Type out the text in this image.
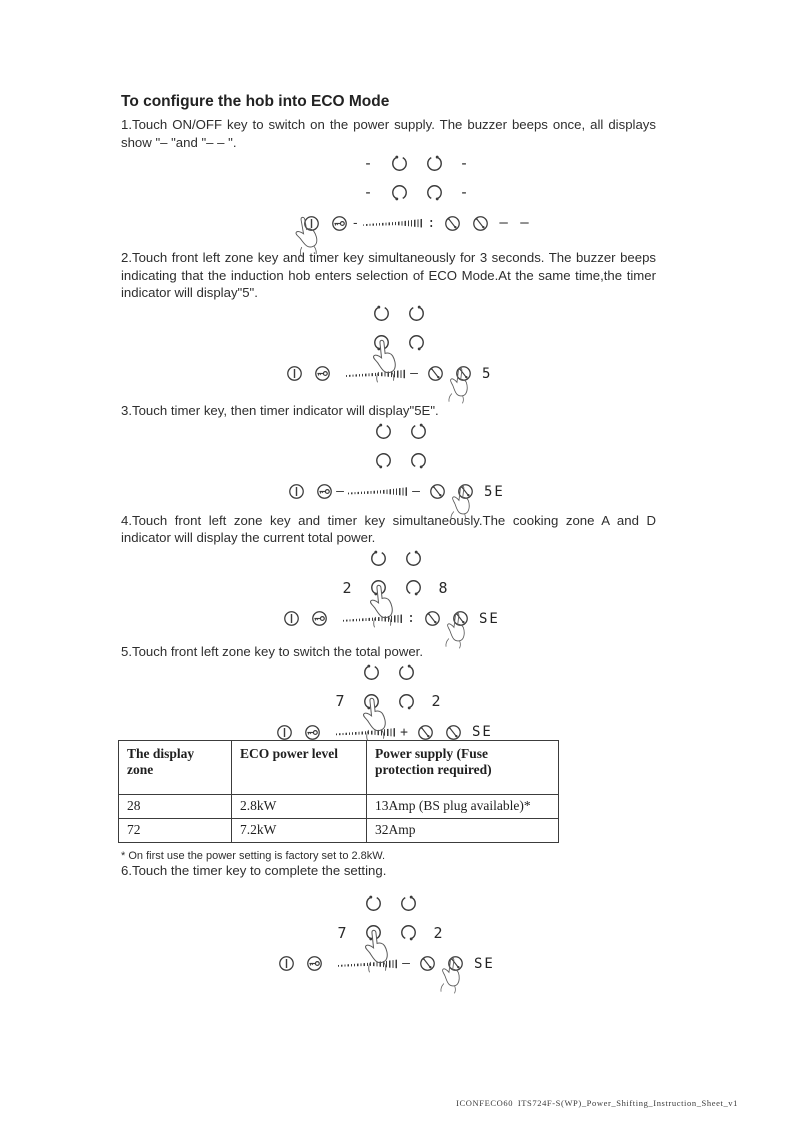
To configure the hob into ECO Mode

1.Touch ON/OFF key to switch on the power supply. The buzzer beeps once, all displays show "– "and "– – ".

-	-
-	-
-	:	– –

2.Touch front left zone key and timer key simultaneously for 3 seconds. The buzzer beeps indicating that the induction hob enters selection of ECO Mode.At the same time,the timer indicator will display"5".

–	5

3.Touch timer key, then timer indicator will display"5E".

–	–	5E

4.Touch front left zone key and timer key simultaneously.The cooking zone A and D indicator will display the current total power.

2	8
:	SE

5.Touch front left zone key to switch the total power.

7	2
+	SE
The display zone	ECO power level	Power supply (Fuse protection required)
28	2.8kW	13Amp (BS plug available)*
72	7.2kW	32Amp

* On first use the power setting is factory set to 2.8kW.

6.Touch the timer key to complete the setting.

7	2
–	SE
ICONFECO60 ITS724F-S(WP)_Power_Shifting_Instruction_Sheet_v1
